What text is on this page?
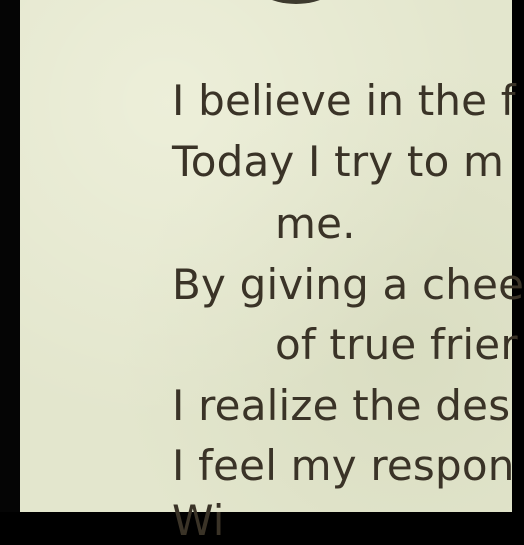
I believe in the f
Today I try to m
me.
By giving a chee
of true frier
I realize the des
I feel my respon
Wi
